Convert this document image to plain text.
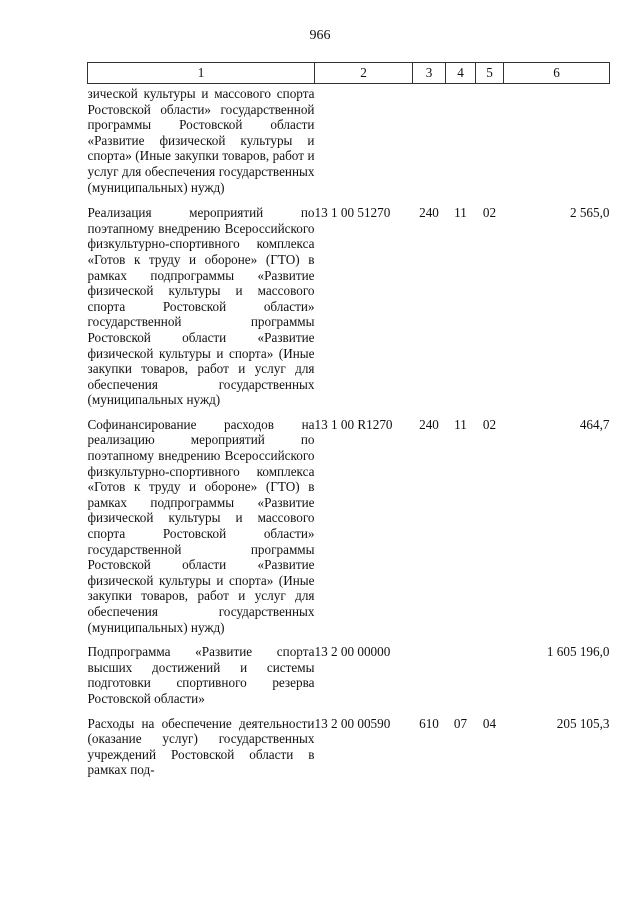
966
1	2	3	4	5	6

зической культуры и массового спорта Ростовской области» государственной программы Ростовской области «Развитие физической культуры и спорта» (Иные закупки товаров, работ и услуг для обеспечения государственных (муниципальных) нужд)					

Реализация мероприятий по поэтапному внедрению Всероссийского физкультурно-спортивного комплекса «Готов к труду и обороне» (ГТО) в рамках подпрограммы «Развитие физической культуры и массового спорта Ростовской области» государственной программы Ростовской области «Развитие физической культуры и спорта» (Иные закупки товаров, работ и услуг для обеспечения государственных (муниципальных нужд)	13 1 00 51270	240	11	02	2 565,0

Софинансирование расходов на реализацию мероприятий по поэтапному внедрению Всероссийского физкультурно-спортивного комплекса «Готов к труду и обороне» (ГТО) в рамках подпрограммы «Развитие физической культуры и массового спорта Ростовской области» государственной программы Ростовской области «Развитие физической культуры и спорта» (Иные закупки товаров, работ и услуг для обеспечения государственных (муниципальных) нужд)	13 1 00 R1270	240	11	02	464,7

Подпрограмма «Развитие спорта высших достижений и системы подготовки спортивного резерва Ростовской области»	13 2 00 00000				1 605 196,0

Расходы на обеспечение деятельности (оказание услуг) государственных учреждений Ростовской области в рамках под-	13 2 00 00590	610	07	04	205 105,3
